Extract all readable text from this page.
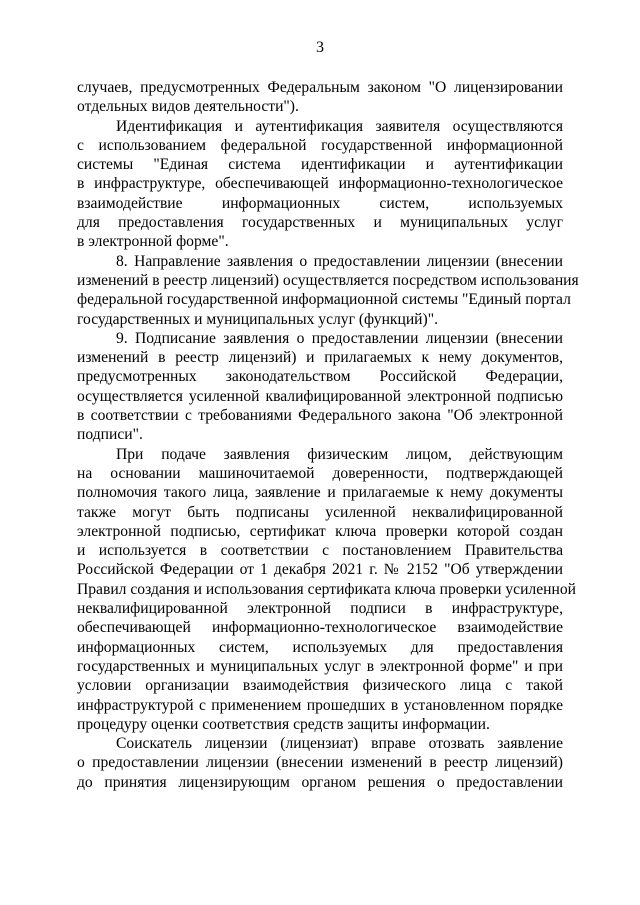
3
случаев, предусмотренных Федеральным законом "О лицензировании
отдельных видов деятельности").
Идентификация и аутентификация заявителя осуществляются
с использованием федеральной государственной информационной
системы "Единая система идентификации и аутентификации
в инфраструктуре, обеспечивающей информационно-технологическое
взаимодействие информационных систем, используемых
для предоставления государственных и муниципальных услуг
в электронной форме".
8. Направление заявления о предоставлении лицензии (внесении
изменений в реестр лицензий) осуществляется посредством использования
федеральной государственной информационной системы "Единый портал
государственных и муниципальных услуг (функций)".
9. Подписание заявления о предоставлении лицензии (внесении
изменений в реестр лицензий) и прилагаемых к нему документов,
предусмотренных законодательством Российской Федерации,
осуществляется усиленной квалифицированной электронной подписью
в соответствии с требованиями Федерального закона "Об электронной
подписи".
При подаче заявления физическим лицом, действующим
на основании машиночитаемой доверенности, подтверждающей
полномочия такого лица, заявление и прилагаемые к нему документы
также могут быть подписаны усиленной неквалифицированной
электронной подписью, сертификат ключа проверки которой создан
и используется в соответствии с постановлением Правительства
Российской Федерации от 1 декабря 2021 г. № 2152 "Об утверждении
Правил создания и использования сертификата ключа проверки усиленной
неквалифицированной электронной подписи в инфраструктуре,
обеспечивающей информационно-технологическое взаимодействие
информационных систем, используемых для предоставления
государственных и муниципальных услуг в электронной форме" и при
условии организации взаимодействия физического лица с такой
инфраструктурой с применением прошедших в установленном порядке
процедуру оценки соответствия средств защиты информации.
Соискатель лицензии (лицензиат) вправе отозвать заявление
о предоставлении лицензии (внесении изменений в реестр лицензий)
до принятия лицензирующим органом решения о предоставлении
